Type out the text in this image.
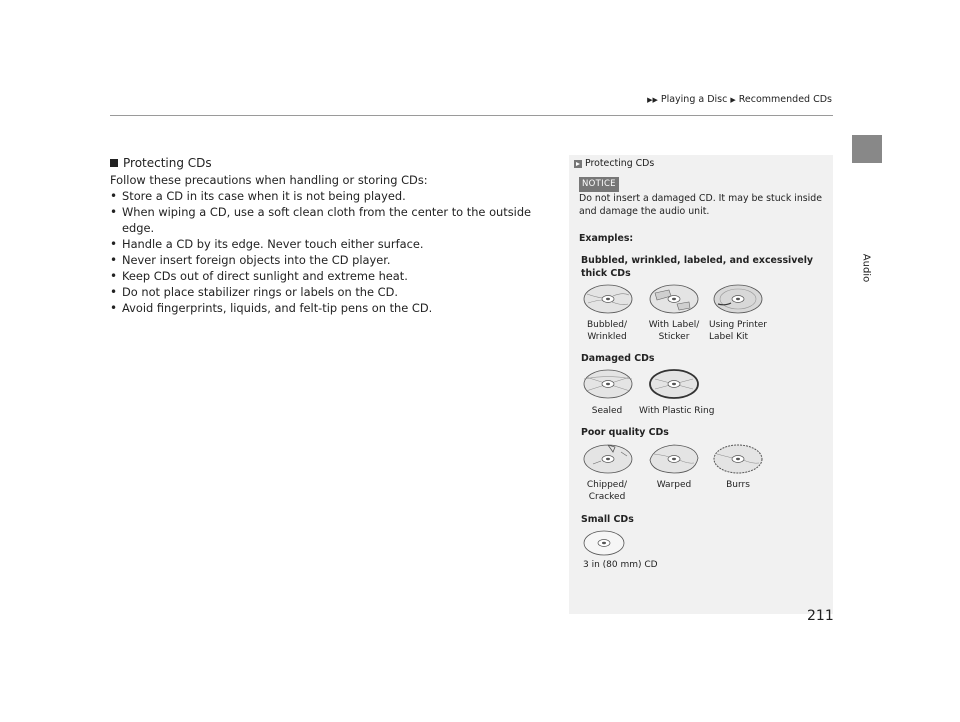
▶▶ Playing a Disc ▶ Recommended CDs
Audio
Protecting CDs
Follow these precautions when handling or storing CDs:
• Store a CD in its case when it is not being played.
• When wiping a CD, use a soft clean cloth from the center to the outside edge.
• Handle a CD by its edge. Never touch either surface.
• Never insert foreign objects into the CD player.
• Keep CDs out of direct sunlight and extreme heat.
• Do not place stabilizer rings or labels on the CD.
• Avoid fingerprints, liquids, and felt-tip pens on the CD.
Protecting CDs
NOTICE
Do not insert a damaged CD. It may be stuck inside and damage the audio unit.
Examples:
Bubbled, wrinkled, labeled, and excessively
thick CDs
Bubbled/
Wrinkled
With Label/
Sticker
Using Printer
Label Kit
Damaged CDs
Sealed	With Plastic Ring
Poor quality CDs
Chipped/
Cracked
Warped	Burrs
Small CDs
3 in (80 mm) CD
211
